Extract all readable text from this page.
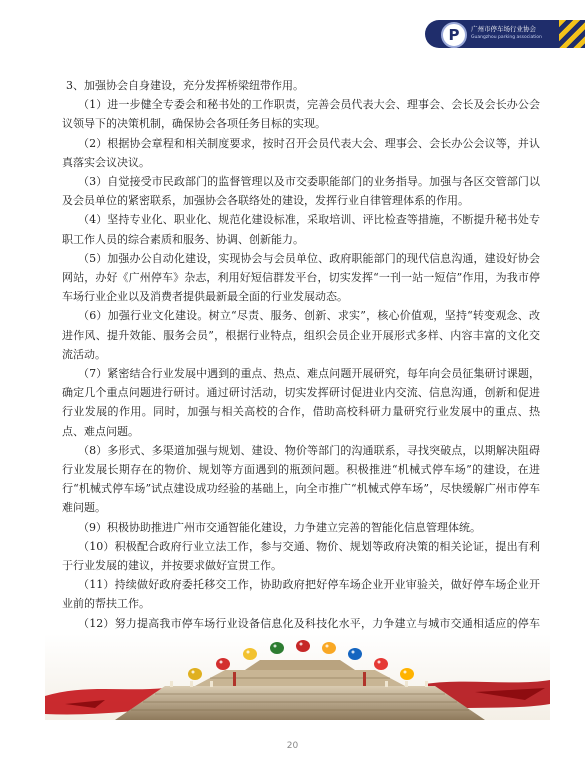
P	广州市停车场行业协会
Guangzhou parking association

3、加强协会自身建设，充分发挥桥梁纽带作用。

（1）进一步健全专委会和秘书处的工作职责，完善会员代表大会、理事会、会长及会长办公会议领导下的决策机制，确保协会各项任务目标的实现。

（2）根据协会章程和相关制度要求，按时召开会员代表大会、理事会、会长办公会议等，并认真落实会议决议。

（3）自觉接受市民政部门的监督管理以及市交委职能部门的业务指导。加强与各区交管部门以及会员单位的紧密联系，加强协会各联络处的建设，发挥行业自律管理体系的作用。

（4）坚持专业化、职业化、规范化建设标准，采取培训、评比检查等措施，不断提升秘书处专职工作人员的综合素质和服务、协调、创新能力。

（5）加强办公自动化建设，实现协会与会员单位、政府职能部门的现代信息沟通，建设好协会网站，办好《广州停车》杂志，利用好短信群发平台，切实发挥“一刊一站一短信”作用，为我市停车场行业企业以及消费者提供最新最全面的行业发展动态。

（6）加强行业文化建设。树立“尽责、服务、创新、求实”，核心价值观，坚持“转变观念、改进作风、提升效能、服务会员”，根据行业特点，组织会员企业开展形式多样、内容丰富的文化交流活动。

（7）紧密结合行业发展中遇到的重点、热点、难点问题开展研究，每年向会员征集研讨课题，确定几个重点问题进行研讨。通过研讨活动，切实发挥研讨促进业内交流、信息沟通，创新和促进行业发展的作用。同时，加强与相关高校的合作，借助高校科研力量研究行业发展中的重点、热点、难点问题。

（8）多形式、多渠道加强与规划、建设、物价等部门的沟通联系，寻找突破点，以期解决阻碍行业发展长期存在的物价、规划等方面遇到的瓶颈问题。积极推进“机械式停车场”的建设，在进行“机械式停车场”试点建设成功经验的基础上，向全市推广“机械式停车场”，尽快缓解广州市停车难问题。

（9）积极协助推进广州市交通智能化建设，力争建立完善的智能化信息管理体统。

（10）积极配合政府行业立法工作，参与交通、物价、规划等政府决策的相关论证，提出有利于行业发展的建议，并按要求做好宣贯工作。

（11）持续做好政府委托移交工作，协助政府把好停车场企业开业审验关，做好停车场企业开业前的帮扶工作。

（12）努力提高我市停车场行业设备信息化及科技化水平，力争建立与城市交通相适应的停车

20
